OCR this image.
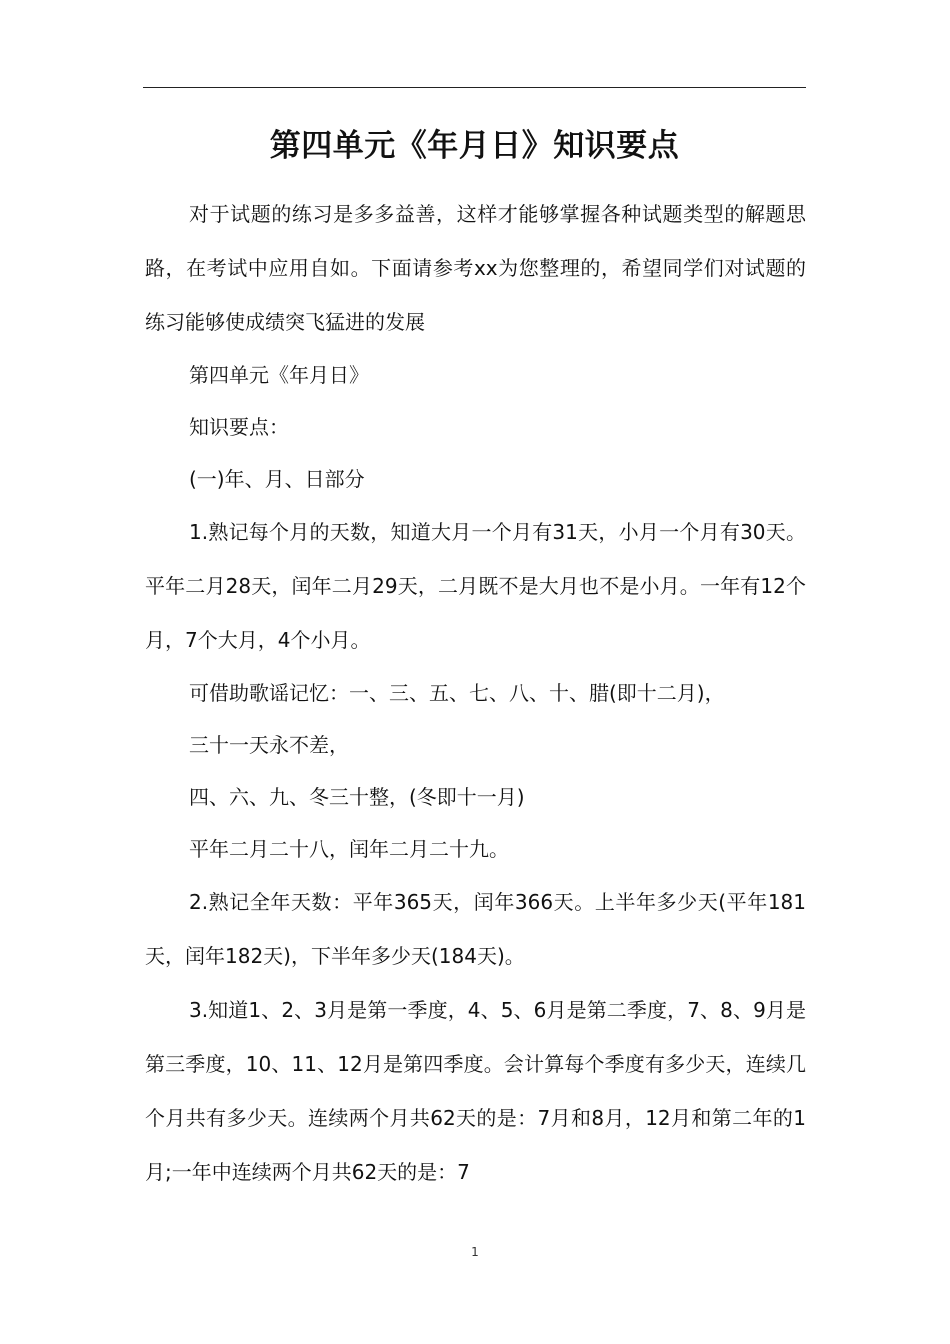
第四单元《年月日》知识要点

对于试题的练习是多多益善，这样才能够掌握各种试题类型的解题思路，在考试中应用自如。下面请参考xx为您整理的，希望同学们对试题的练习能够使成绩突飞猛进的发展

第四单元《年月日》

知识要点：

(一)年、月、日部分

1.熟记每个月的天数，知道大月一个月有31天，小月一个月有30天。平年二月28天，闰年二月29天，二月既不是大月也不是小月。一年有12个月，7个大月，4个小月。

可借助歌谣记忆：一、三、五、七、八、十、腊(即十二月)，

三十一天永不差，

四、六、九、冬三十整，(冬即十一月)

平年二月二十八，闰年二月二十九。

2.熟记全年天数：平年365天，闰年366天。上半年多少天(平年181天，闰年182天)，下半年多少天(184天)。

3.知道1、2、3月是第一季度，4、5、6月是第二季度，7、8、9月是第三季度，10、11、12月是第四季度。会计算每个季度有多少天，连续几个月共有多少天。连续两个月共62天的是：7月和8月，12月和第二年的1月;一年中连续两个月共62天的是：7

1
